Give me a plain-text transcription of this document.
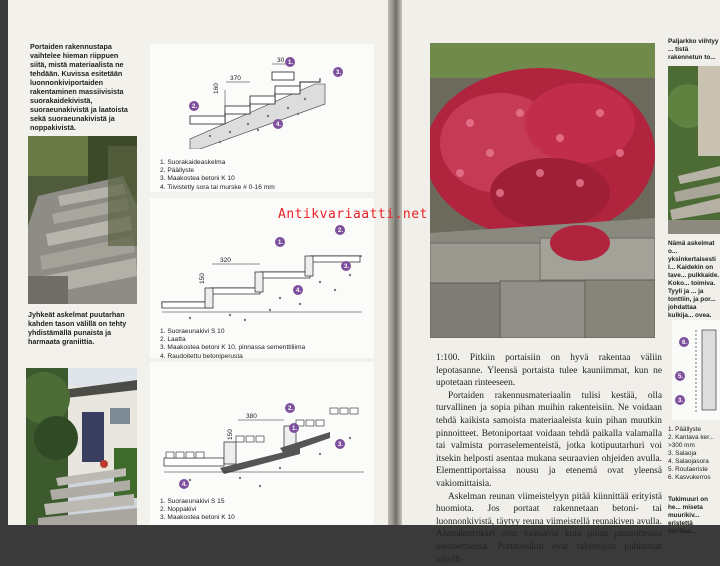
Portaiden rakennustapa vaihtelee hieman riippuen siitä, mistä materiaalista ne tehdään. Kuvissa esitetään luonnonkiviportaiden rakentaminen massiivisista suorakaidekivistä, suoraeunakivistä ja laatoista sekä suoraeunakivistä ja noppakivistä.
Jyhkeät askelmat puutarhan kahden tason välillä on tehty yhdistämällä punaista ja harmaata graniittia.
30
370
160
1.
2.
3.
4.
1. Suorakaideaskelma
2. Päällyste
3. Maakostea betoni K 10
4. Tiivistetty sora tai murske # 0-16 mm
320
150
1.
2.
3.
4.
1. Suoraeunakivi S 10
2. Laatta
3. Maakostea betoni K 10, pinnassa sementtiliima
4. Raudoitettu betoniperusta
380
150
2.
1.
3.
4.
1. Suoraeunakivi S 15
2. Noppakivi
3. Maakostea betoni K 10

1:100. Pitkiin portaisiin on hyvä rakentaa väliin lepotasanne. Yleensä portaista tulee kauniimmat, kun ne upotetaan rinteeseen.

Portaiden rakennusmateriaalin tulisi kestää, olla turvallinen ja sopia pihan muihin rakenteisiin. Ne voidaan tehdä kaikista samoista materiaaleista kuin pihan muutkin pinnoitteet. Betoniportaat voidaan tehdä paikalla valamalla tai valmista porraselementeistä, jotka kotipuutarhuri voi itsekin helposti asentaa mukana seuraavien ohjeiden avulla. Elementtiportaissa nousu ja etenemä ovat yleensä vakiomittaisia.

Askelman reunan viimeistelyyn pitää kiinnittää erityistä huomiota. Jos portaat rakennetaan betoni- tai luonnonkivistä, täytyy reuna viimeistellä reunakiven avulla. Alustakerrokset ovat vastaavat kuin pihan pinnoitteissa asennettaessa. Portaissakin ovat rakentajan pahimmat viholli-

Paljarkko viihtyy ... tistä rakennetun to...
Nämä askelmat o... yksinkertaisesti l... Kaidekin on tave... pulkkaide. Koko... toimiva. Tyyli ja ... ja tonttiin, ja por... johdattaa kulkija... ovea.
6.
5.
3.
1. Päällyste
2. Kantava ker... >300 mm
3. Salaoja
4. Salaojasora
5. Routaeriste
6. Kasvukerros
Tukimuuri on he... miseta muurikiv... eristettä tarvitaa...
Antikvariaatti.net
